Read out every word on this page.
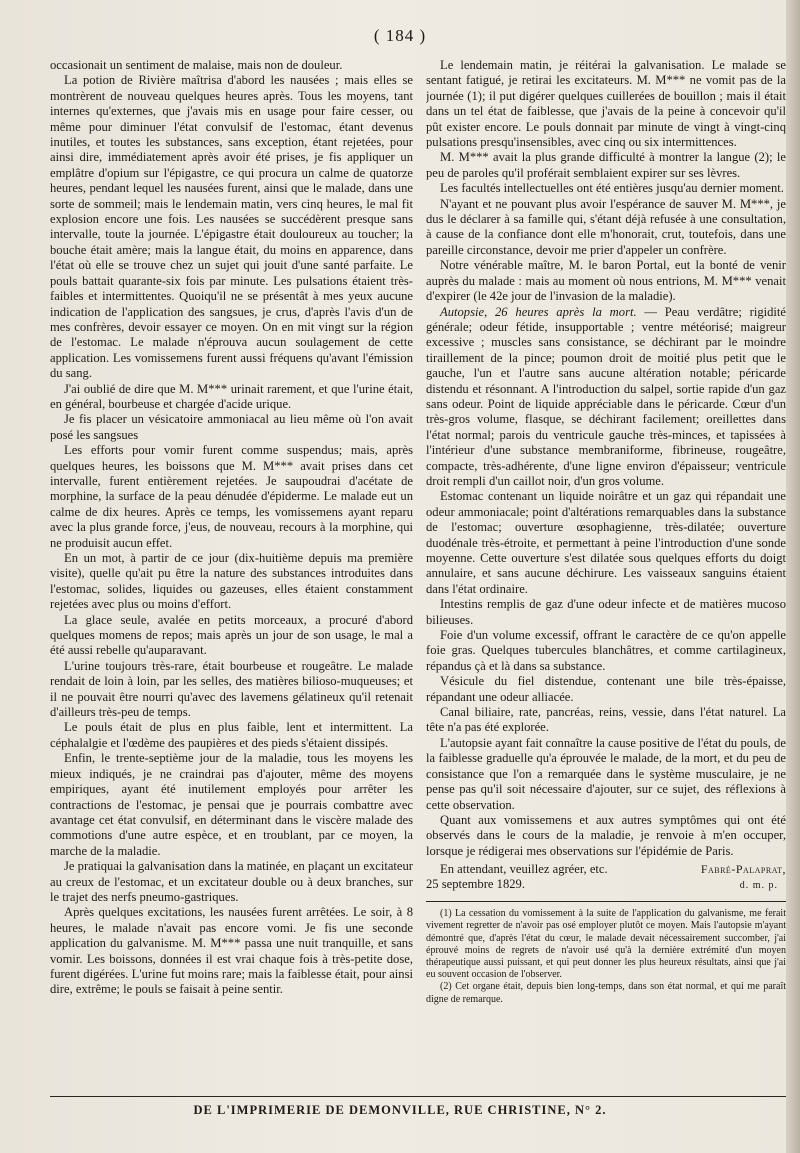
( 184 )

occasionait un sentiment de malaise, mais non de douleur.

La potion de Rivière maîtrisa d'abord les nausées ; mais elles se montrèrent de nouveau quelques heures après. Tous les moyens, tant internes qu'externes, que j'avais mis en usage pour faire cesser, ou même pour diminuer l'état convulsif de l'estomac, étant devenus inutiles, et toutes les substances, sans exception, étant rejetées, pour ainsi dire, immédiatement après avoir été prises, je fis appliquer un emplâtre d'opium sur l'épigastre, ce qui procura un calme de quatorze heures, pendant lequel les nausées furent, ainsi que le malade, dans une sorte de sommeil; mais le lendemain matin, vers cinq heures, le mal fit explosion encore une fois. Les nausées se succédèrent presque sans intervalle, toute la journée. L'épigastre était douloureux au toucher; la bouche était amère; mais la langue était, du moins en apparence, dans l'état où elle se trouve chez un sujet qui jouit d'une santé parfaite. Le pouls battait quarante-six fois par minute. Les pulsations étaient très-faibles et intermittentes. Quoiqu'il ne se présentât à mes yeux aucune indication de l'application des sangsues, je crus, d'après l'avis d'un de mes confrères, devoir essayer ce moyen. On en mit vingt sur la région de l'estomac. Le malade n'éprouva aucun soulagement de cette application. Les vomissemens furent aussi fréquens qu'avant l'émission du sang.

J'ai oublié de dire que M. M*** urinait rarement, et que l'urine était, en général, bourbeuse et chargée d'acide urique.

Je fis placer un vésicatoire ammoniacal au lieu même où l'on avait posé les sangsues

Les efforts pour vomir furent comme suspendus; mais, après quelques heures, les boissons que M. M*** avait prises dans cet intervalle, furent entièrement rejetées. Je saupoudrai d'acétate de morphine, la surface de la peau dénudée d'épiderme. Le malade eut un calme de dix heures. Après ce temps, les vomissemens ayant reparu avec la plus grande force, j'eus, de nouveau, recours à la morphine, qui ne produisit aucun effet.

En un mot, à partir de ce jour (dix-huitième depuis ma première visite), quelle qu'ait pu être la nature des substances introduites dans l'estomac, solides, liquides ou gazeuses, elles étaient constamment rejetées avec plus ou moins d'effort.

La glace seule, avalée en petits morceaux, a procuré d'abord quelques momens de repos; mais après un jour de son usage, le mal a été aussi rebelle qu'auparavant.

L'urine toujours très-rare, était bourbeuse et rougeâtre. Le malade rendait de loin à loin, par les selles, des matières bilioso-muqueuses; et il ne pouvait être nourri qu'avec des lavemens gélatineux qu'il retenait d'ailleurs très-peu de temps.

Le pouls était de plus en plus faible, lent et intermittent. La céphalalgie et l'œdème des paupières et des pieds s'étaient dissipés.

Enfin, le trente-septième jour de la maladie, tous les moyens les mieux indiqués, je ne craindrai pas d'ajouter, même des moyens empiriques, ayant été inutilement employés pour arrêter les contractions de l'estomac, je pensai que je pourrais combattre avec avantage cet état convulsif, en déterminant dans le viscère malade des commotions d'une autre espèce, et en troublant, par ce moyen, la marche de la maladie.

Je pratiquai la galvanisation dans la matinée, en plaçant un excitateur au creux de l'estomac, et un excitateur double ou à deux branches, sur le trajet des nerfs pneumo-gastriques.

Après quelques excitations, les nausées furent arrêtées. Le soir, à 8 heures, le malade n'avait pas encore vomi. Je fis une seconde application du galvanisme. M. M*** passa une nuit tranquille, et sans vomir. Les boissons, données il est vrai chaque fois à très-petite dose, furent digérées. L'urine fut moins rare; mais la faiblesse était, pour ainsi dire, extrême; le pouls se faisait à peine sentir.

Le lendemain matin, je réitérai la galvanisation. Le malade se sentant fatigué, je retirai les excitateurs. M. M*** ne vomit pas de la journée (1); il put digérer quelques cuillerées de bouillon ; mais il était dans un tel état de faiblesse, que j'avais de la peine à concevoir qu'il pût exister encore. Le pouls donnait par minute de vingt à vingt-cinq pulsations presqu'insensibles, avec cinq ou six intermittences.

M. M*** avait la plus grande difficulté à montrer la langue (2); le peu de paroles qu'il proférait semblaient expirer sur ses lèvres.

Les facultés intellectuelles ont été entières jusqu'au dernier moment.

N'ayant et ne pouvant plus avoir l'espérance de sauver M. M***, je dus le déclarer à sa famille qui, s'étant déjà refusée à une consultation, à cause de la confiance dont elle m'honorait, crut, toutefois, dans une pareille circonstance, devoir me prier d'appeler un confrère.

Notre vénérable maître, M. le baron Portal, eut la bonté de venir auprès du malade : mais au moment où nous entrions, M. M*** venait d'expirer (le 42e jour de l'invasion de la maladie).

Autopsie, 26 heures après la mort. — Peau verdâtre; rigidité générale; odeur fétide, insupportable ; ventre météorisé; maigreur excessive ; muscles sans consistance, se déchirant par le moindre tiraillement de la pince; poumon droit de moitié plus petit que le gauche, l'un et l'autre sans aucune altération notable; péricarde distendu et résonnant. A l'introduction du salpel, sortie rapide d'un gaz sans odeur. Point de liquide appréciable dans le péricarde. Cœur d'un très-gros volume, flasque, se déchirant facilement; oreillettes dans l'état normal; parois du ventricule gauche très-minces, et tapissées à l'intérieur d'une substance membraniforme, fibrineuse, rougeâtre, compacte, très-adhérente, d'une ligne environ d'épaisseur; ventricule droit rempli d'un caillot noir, d'un gros volume.

Estomac contenant un liquide noirâtre et un gaz qui répandait une odeur ammoniacale; point d'altérations remarquables dans la substance de l'estomac; ouverture œsophagienne, très-dilatée; ouverture duodénale très-étroite, et permettant à peine l'introduction d'une sonde moyenne. Cette ouverture s'est dilatée sous quelques efforts du doigt annulaire, et sans aucune déchirure. Les vaisseaux sanguins étaient dans l'état ordinaire.

Intestins remplis de gaz d'une odeur infecte et de matières mucoso bilieuses.

Foie d'un volume excessif, offrant le caractère de ce qu'on appelle foie gras. Quelques tubercules blanchâtres, et comme cartilagineux, répandus çà et là dans sa substance.

Vésicule du fiel distendue, contenant une bile très-épaisse, répandant une odeur alliacée.

Canal biliaire, rate, pancréas, reins, vessie, dans l'état naturel. La tête n'a pas été explorée.

L'autopsie ayant fait connaître la cause positive de l'état du pouls, de la faiblesse graduelle qu'a éprouvée le malade, de la mort, et du peu de consistance que l'on a remarquée dans le système musculaire, je ne pense pas qu'il soit nécessaire d'ajouter, sur ce sujet, des réflexions à cette observation.

Quant aux vomissemens et aux autres symptômes qui ont été observés dans le cours de la maladie, je renvoie à m'en occuper, lorsque je rédigerai mes observations sur l'épidémie de Paris.

En attendant, veuillez agréer, etc.

25 septembre 1829.
Fabré-Palaprat,
d. m. p.

(1) La cessation du vomissement à la suite de l'application du galvanisme, me ferait vivement regretter de n'avoir pas osé employer plutôt ce moyen. Mais l'autopsie m'ayant démontré que, d'après l'état du cœur, le malade devait nécessairement succomber, j'ai éprouvé moins de regrets de n'avoir usé qu'à la dernière extrémité d'un moyen thérapeutique aussi puissant, et qui peut donner les plus heureux résultats, ainsi que j'ai eu souvent occasion de l'observer.

(2) Cet organe était, depuis bien long-temps, dans son état normal, et qui me paraît digne de remarque.

DE L'IMPRIMERIE DE DEMONVILLE, RUE CHRISTINE, N° 2.
